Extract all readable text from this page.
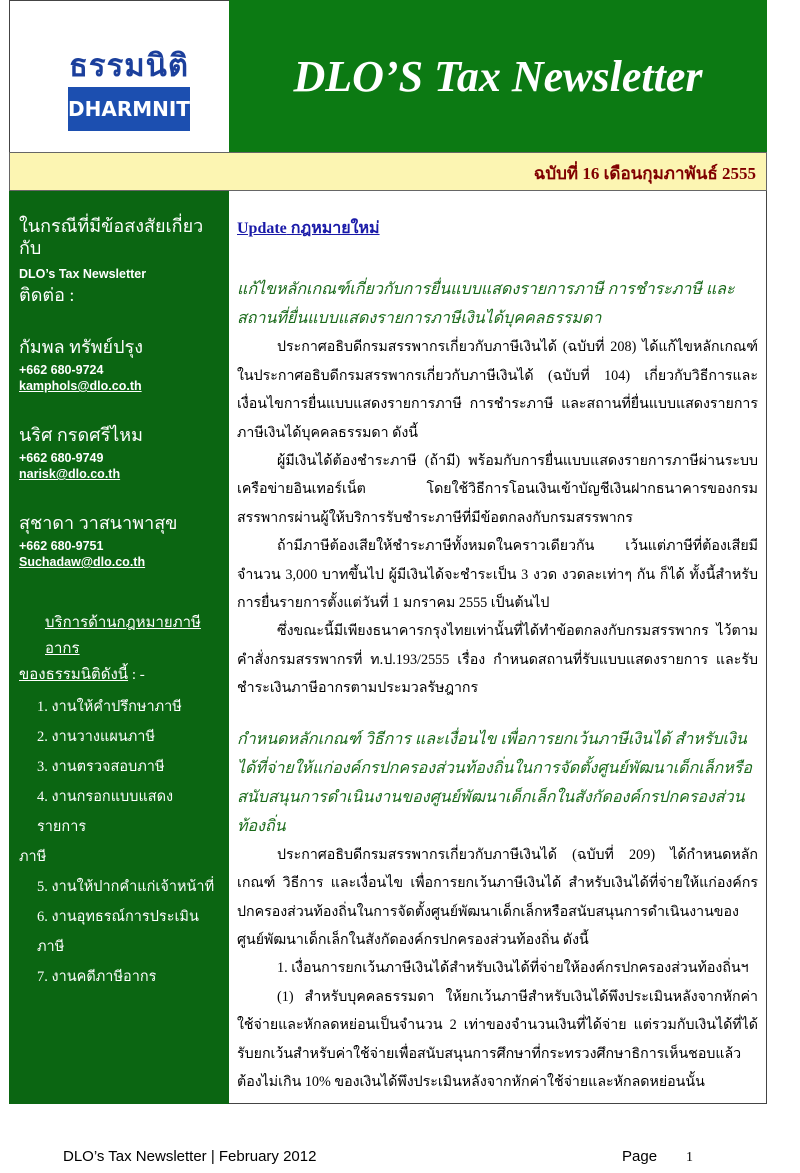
ธรรมนิติ
DHARMNITI
DLO’S Tax Newsletter
ฉบับที่ 16 เดือนกุมภาพันธ์ 2555
ในกรณีที่มีข้อสงสัยเกี่ยวกับ
DLO’s Tax Newsletter
ติดต่อ :
กัมพล ทรัพย์ปรุง
+662 680-9724
kamphols@dlo.co.th
นริศ กรดศรีไหม
+662 680-9749
narisk@dlo.co.th
สุชาดา วาสนาพาสุข
+662 680-9751
Suchadaw@dlo.co.th
บริการด้านกฎหมายภาษีอากร
ของธรรมนิติดังนี้ : -
1. งานให้คำปรึกษาภาษี
2. งานวางแผนภาษี
3. งานตรวจสอบภาษี
4. งานกรอกแบบแสดงรายการ
ภาษี
5. งานให้ปากคำแก่เจ้าหน้าที่
6. งานอุทธรณ์การประเมินภาษี
7. งานคดีภาษีอากร
Update กฎหมายใหม่
แก้ไขหลักเกณฑ์เกี่ยวกับการยื่นแบบแสดงรายการภาษี การชำระภาษี และสถานที่ยื่นแบบแสดงรายการภาษีเงินได้บุคคลธรรมดา
ประกาศอธิบดีกรมสรรพากรเกี่ยวกับภาษีเงินได้ (ฉบับที่ 208) ได้แก้ไขหลักเกณฑ์ในประกาศอธิบดีกรมสรรพากรเกี่ยวกับภาษีเงินได้ (ฉบับที่ 104) เกี่ยวกับวิธีการและเงื่อนไขการยื่นแบบแสดงรายการภาษี การชำระภาษี และสถานที่ยื่นแบบแสดงรายการภาษีเงินได้บุคคลธรรมดา ดังนี้
ผู้มีเงินได้ต้องชำระภาษี (ถ้ามี) พร้อมกับการยื่นแบบแสดงรายการภาษีผ่านระบบเครือข่ายอินเทอร์เน็ต โดยใช้วิธีการโอนเงินเข้าบัญชีเงินฝากธนาคารของกรมสรรพากรผ่านผู้ให้บริการรับชำระภาษีที่มีข้อตกลงกับกรมสรรพากร
ถ้ามีภาษีต้องเสียให้ชำระภาษีทั้งหมดในคราวเดียวกัน เว้นแต่ภาษีที่ต้องเสียมีจำนวน 3,000 บาทขึ้นไป ผู้มีเงินได้จะชำระเป็น 3 งวด งวดละเท่าๆ กัน ก็ได้ ทั้งนี้สำหรับการยื่นรายการตั้งแต่วันที่ 1 มกราคม 2555 เป็นต้นไป
ซึ่งขณะนี้มีเพียงธนาคารกรุงไทยเท่านั้นที่ได้ทำข้อตกลงกับกรมสรรพากร ไว้ตามคำสั่งกรมสรรพากรที่ ท.ป.193/2555 เรื่อง กำหนดสถานที่รับแบบแสดงรายการ และรับชำระเงินภาษีอากรตามประมวลรัษฎากร
กำหนดหลักเกณฑ์ วิธีการ และเงื่อนไข เพื่อการยกเว้นภาษีเงินได้ สำหรับเงินได้ที่จ่ายให้แก่องค์กรปกครองส่วนท้องถิ่นในการจัดตั้งศูนย์พัฒนาเด็กเล็กหรือสนับสนุนการดำเนินงานของศูนย์พัฒนาเด็กเล็กในสังกัดองค์กรปกครองส่วนท้องถิ่น
ประกาศอธิบดีกรมสรรพากรเกี่ยวกับภาษีเงินได้ (ฉบับที่ 209) ได้กำหนดหลักเกณฑ์ วิธีการ และเงื่อนไข เพื่อการยกเว้นภาษีเงินได้ สำหรับเงินได้ที่จ่ายให้แก่องค์กรปกครองส่วนท้องถิ่นในการจัดตั้งศูนย์พัฒนาเด็กเล็กหรือสนับสนุนการดำเนินงานของศูนย์พัฒนาเด็กเล็กในสังกัดองค์กรปกครองส่วนท้องถิ่น ดังนี้
1. เงื่อนการยกเว้นภาษีเงินได้สำหรับเงินได้ที่จ่ายให้องค์กรปกครองส่วนท้องถิ่นฯ
(1) สำหรับบุคคลธรรมดา ให้ยกเว้นภาษีสำหรับเงินได้พึงประเมินหลังจากหักค่าใช้จ่ายและหักลดหย่อนเป็นจำนวน 2 เท่าของจำนวนเงินที่ได้จ่าย แต่รวมกับเงินได้ที่ได้รับยกเว้นสำหรับค่าใช้จ่ายเพื่อสนับสนุนการศึกษาที่กระทรวงศึกษาธิการเห็นชอบแล้ว ต้องไม่เกิน 10% ของเงินได้พึงประเมินหลังจากหักค่าใช้จ่ายและหักลดหย่อนนั้น
DLO’s Tax Newsletter | February 2012	Page 1
